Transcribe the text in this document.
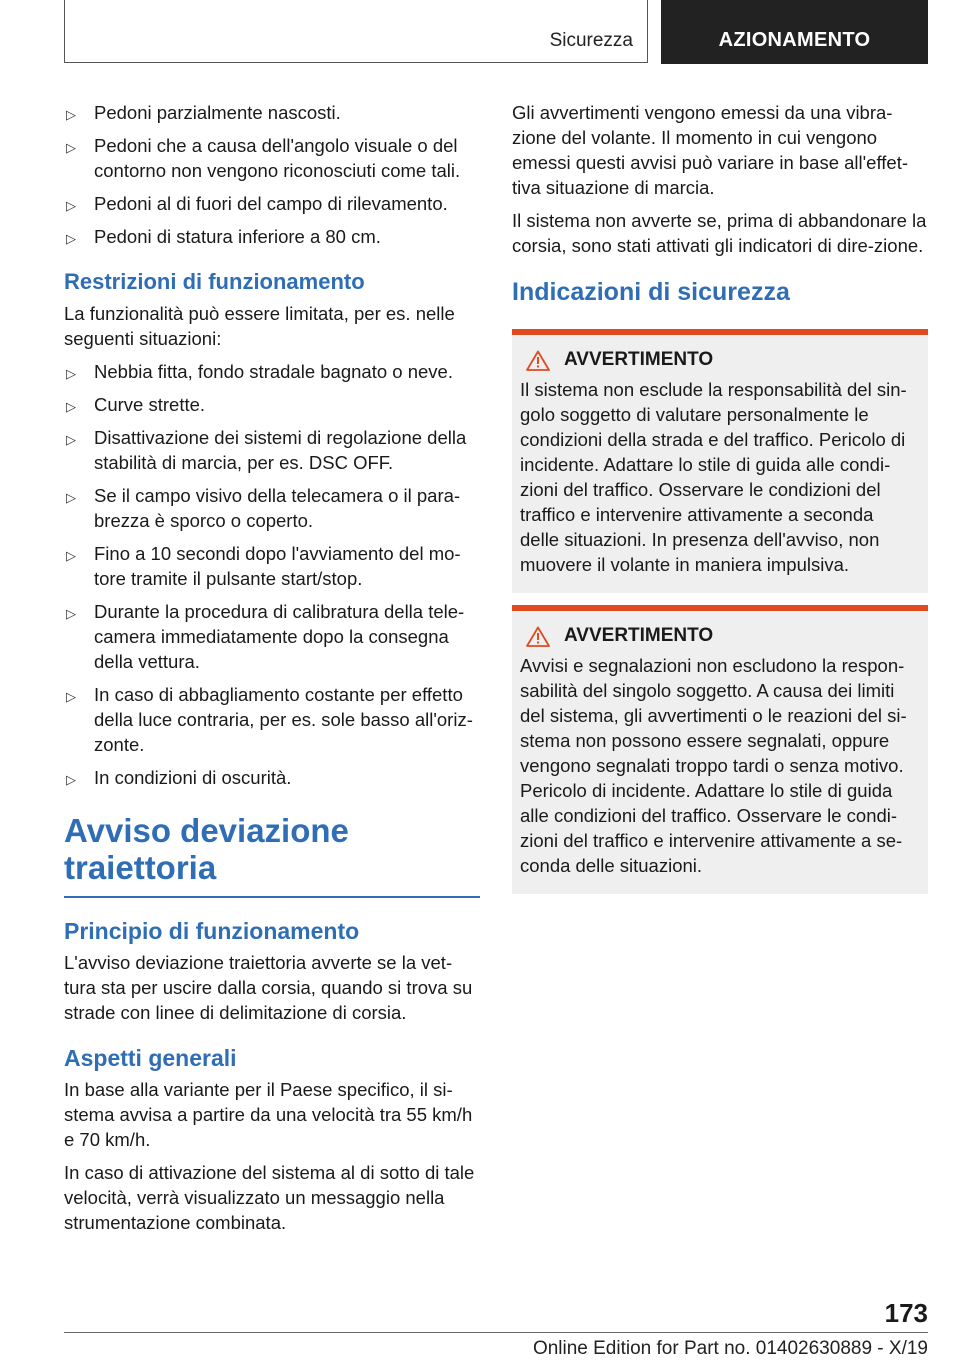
Sicurezza	AZIONAMENTO
▷ Pedoni parzialmente nascosti.
▷ Pedoni che a causa dell'angolo visuale o del contorno non vengono riconosciuti come tali.
▷ Pedoni al di fuori del campo di rilevamento.
▷ Pedoni di statura inferiore a 80 cm.
Restrizioni di funzionamento

La funzionalità può essere limitata, per es. nelle seguenti situazioni:

▷ Nebbia fitta, fondo stradale bagnato o neve.
▷ Curve strette.
▷ Disattivazione dei sistemi di regolazione della stabilità di marcia, per es. DSC OFF.
▷ Se il campo visivo della telecamera o il para-brezza è sporco o coperto.
▷ Fino a 10 secondi dopo l'avviamento del mo-tore tramite il pulsante start/stop.
▷ Durante la procedura di calibratura della tele-camera immediatamente dopo la consegna della vettura.
▷ In caso di abbagliamento costante per effetto della luce contraria, per es. sole basso all'oriz-zonte.
▷ In condizioni di oscurità.
Avviso deviazione traiettoria
Principio di funzionamento

L'avviso deviazione traiettoria avverte se la vet-tura sta per uscire dalla corsia, quando si trova su strade con linee di delimitazione di corsia.

Aspetti generali

In base alla variante per il Paese specifico, il si-stema avvisa a partire da una velocità tra 55 km/h e 70 km/h.

In caso di attivazione del sistema al di sotto di tale velocità, verrà visualizzato un messaggio nella strumentazione combinata.

Gli avvertimenti vengono emessi da una vibra-zione del volante. Il momento in cui vengono emessi questi avvisi può variare in base all'effet-tiva situazione di marcia.

Il sistema non avverte se, prima di abbandonare la corsia, sono stati attivati gli indicatori di dire-zione.

Indicazioni di sicurezza
AVVERTIMENTO

Il sistema non esclude la responsabilità del sin-golo soggetto di valutare personalmente le condizioni della strada e del traffico. Pericolo di incidente. Adattare lo stile di guida alle condi-zioni del traffico. Osservare le condizioni del traffico e intervenire attivamente a seconda delle situazioni. In presenza dell'avviso, non muovere il volante in maniera impulsiva.

AVVERTIMENTO

Avvisi e segnalazioni non escludono la respon-sabilità del singolo soggetto. A causa dei limiti del sistema, gli avvertimenti o le reazioni del si-stema non possono essere segnalati, oppure vengono segnalati troppo tardi o senza motivo. Pericolo di incidente. Adattare lo stile di guida alle condizioni del traffico. Osservare le condi-zioni del traffico e intervenire attivamente a se-conda delle situazioni.

173
Online Edition for Part no. 01402630889 - X/19
